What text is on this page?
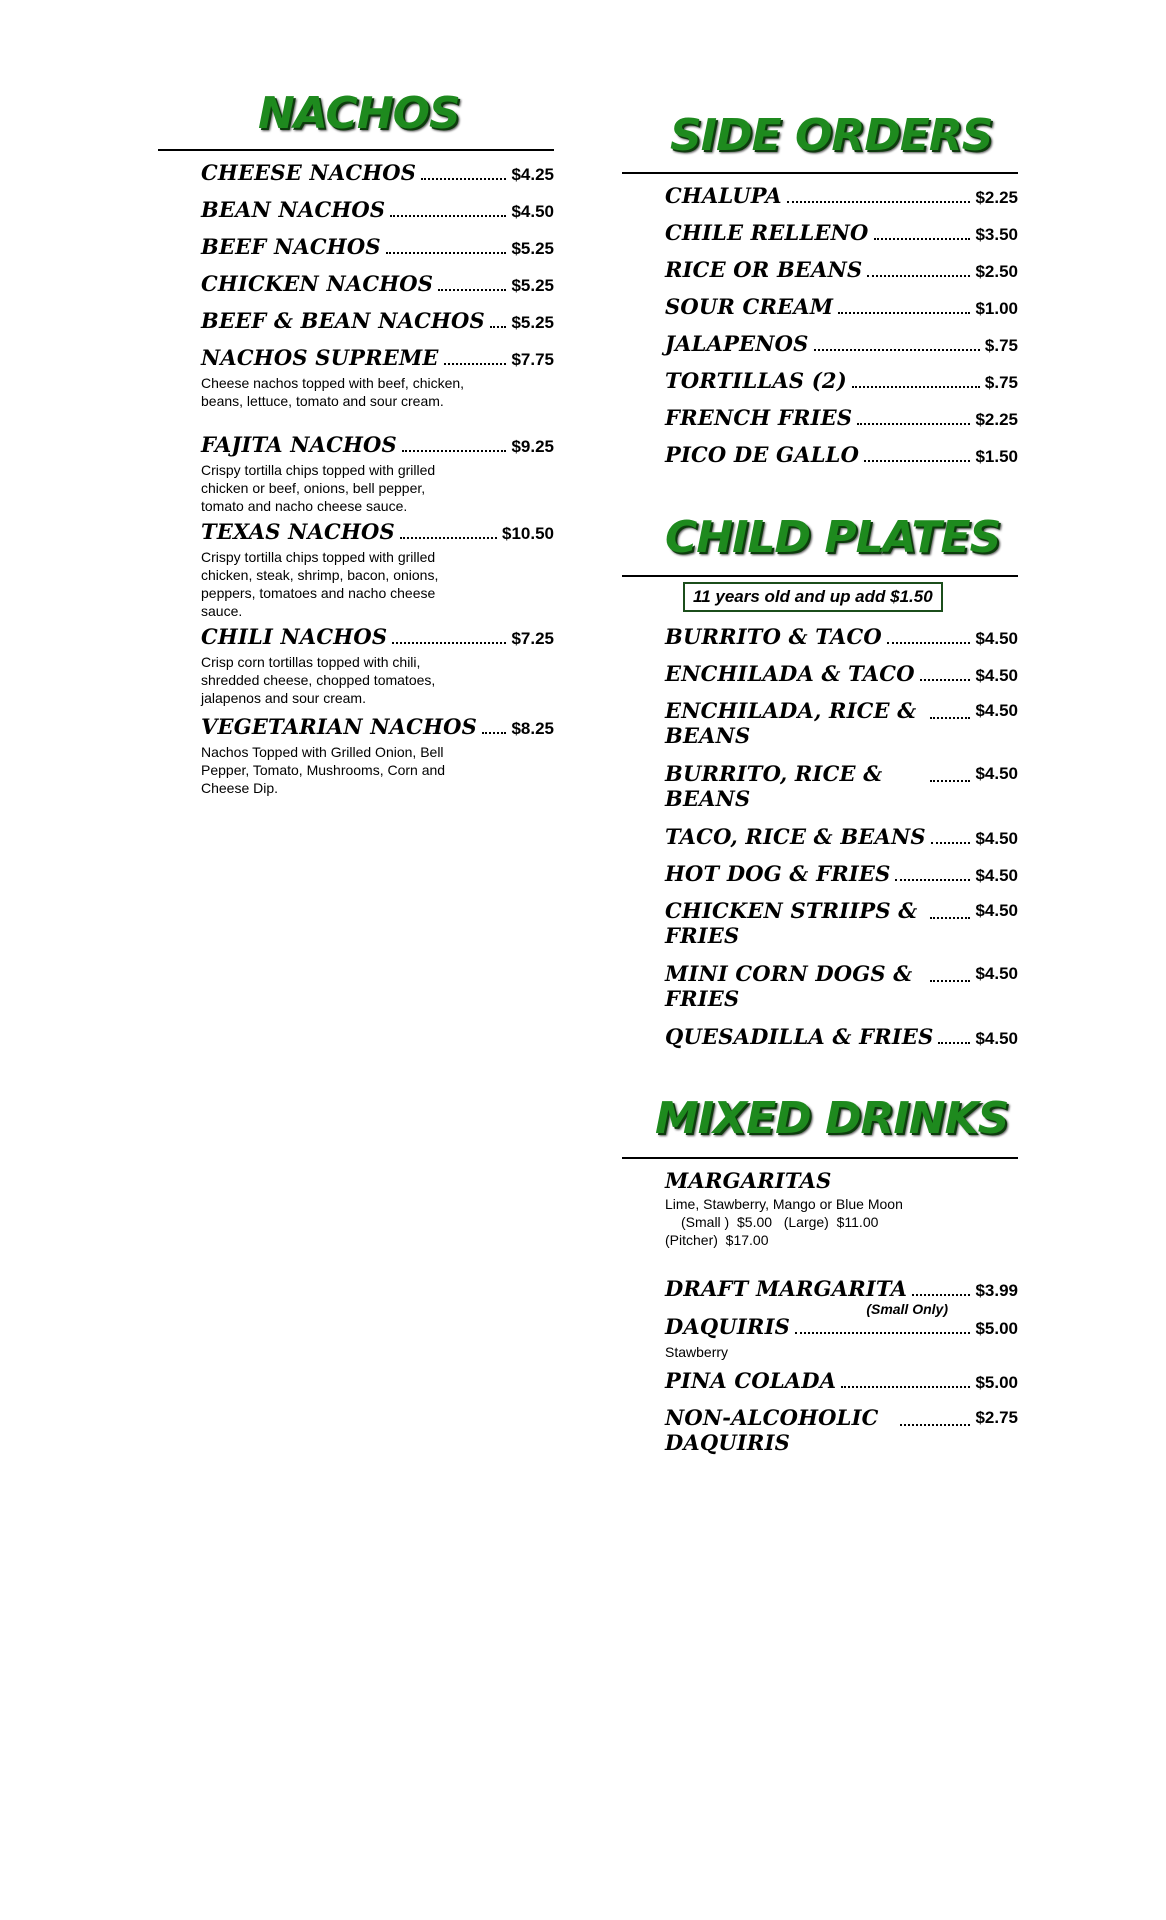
NACHOS
CHEESE NACHOS	$4.25
BEAN NACHOS	$4.50
BEEF NACHOS	$5.25
CHICKEN NACHOS	$5.25
BEEF & BEAN NACHOS $5.25
NACHOS SUPREME	$7.75

Cheese nachos topped with beef, chicken, beans, lettuce, tomato and sour cream.

FAJITA NACHOS	$9.25

Crispy tortilla chips topped with grilled chicken or beef, onions, bell pepper, tomato and nacho cheese sauce.

TEXAS NACHOS	$10.50

Crispy tortilla chips topped with grilled chicken, steak, shrimp, bacon, onions, peppers, tomatoes and nacho cheese sauce.

CHILI NACHOS	$7.25

Crisp corn tortillas topped with chili, shredded cheese, chopped tomatoes, jalapenos and sour cream.

VEGETARIAN NACHOS $8.25

Nachos Topped with Grilled Onion, Bell Pepper, Tomato, Mushrooms, Corn and Cheese Dip.

SIDE ORDERS
CHALUPA	$2.25
CHILE RELLENO	$3.50
RICE OR BEANS	$2.50
SOUR CREAM	$1.00
JALAPENOS	$.75
TORTILLAS (2)	$.75
FRENCH FRIES	$2.25
PICO DE GALLO	$1.50
CHILD PLATES
11 years old and up add $1.50
BURRITO & TACO	$4.50
ENCHILADA & TACO	$4.50
ENCHILADA, RICE & BEANS
$4.50
BURRITO, RICE & BEANS
$4.50
TACO, RICE & BEANS	$4.50
HOT DOG & FRIES	$4.50
CHICKEN STRIIPS & FRIES
$4.50
MINI CORN DOGS & FRIES
$4.50
QUESADILLA & FRIES $4.50
MIXED DRINKS
MARGARITAS

Lime, Stawberry, Mango or Blue Moon

(Small )  $5.00   (Large)  $11.00

(Pitcher)  $17.00

DRAFT MARGARITA	$3.99
(Small Only)
DAQUIRIS	$5.00

Stawberry

PINA COLADA	$5.00
NON-ALCOHOLIC DAQUIRIS
$2.75
